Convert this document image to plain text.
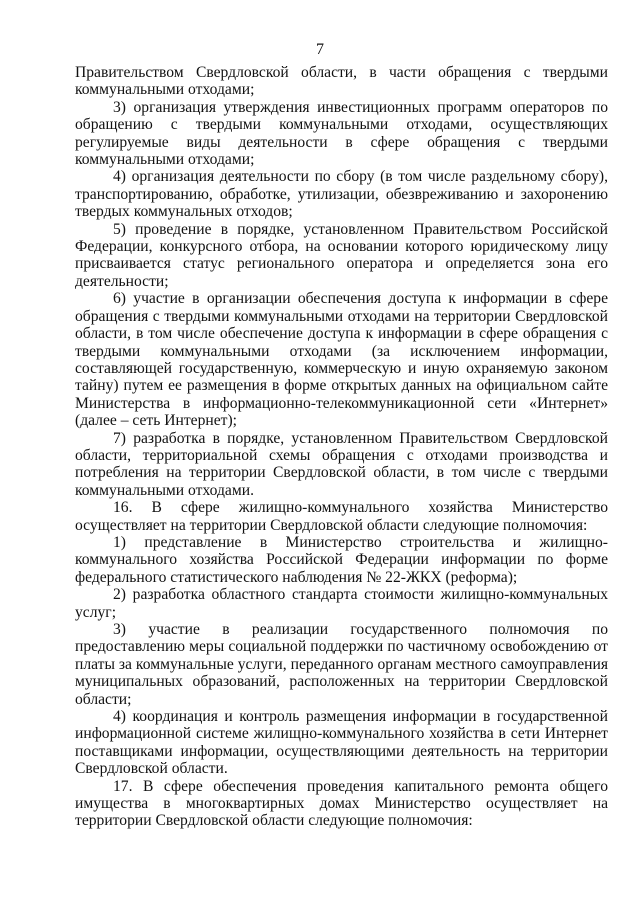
7

Правительством Свердловской области, в части обращения с твердыми коммунальными отходами;

3) организация утверждения инвестиционных программ операторов по обращению с твердыми коммунальными отходами, осуществляющих регулируемые виды деятельности в сфере обращения с твердыми коммунальными отходами;

4) организация деятельности по сбору (в том числе раздельному сбору), транспортированию, обработке, утилизации, обезвреживанию и захоронению твердых коммунальных отходов;

5) проведение в порядке, установленном Правительством Российской Федерации, конкурсного отбора, на основании которого юридическому лицу присваивается статус регионального оператора и определяется зона его деятельности;

6) участие в организации обеспечения доступа к информации в сфере обращения с твердыми коммунальными отходами на территории Свердловской области, в том числе обеспечение доступа к информации в сфере обращения с твердыми коммунальными отходами (за исключением информации, составляющей государственную, коммерческую и иную охраняемую законом тайну) путем ее размещения в форме открытых данных на официальном сайте Министерства в информационно-телекоммуникационной сети «Интернет» (далее – сеть Интернет);

7) разработка в порядке, установленном Правительством Свердловской области, территориальной схемы обращения с отходами производства и потребления на территории Свердловской области, в том числе с твердыми коммунальными отходами.

16. В сфере жилищно-коммунального хозяйства Министерство осуществляет на территории Свердловской области следующие полномочия:

1) представление в Министерство строительства и жилищно-коммунального хозяйства Российской Федерации информации по форме федерального статистического наблюдения № 22-ЖКХ (реформа);

2) разработка областного стандарта стоимости жилищно-коммунальных услуг;

3) участие в реализации государственного полномочия по предоставлению меры социальной поддержки по частичному освобождению от платы за коммунальные услуги, переданного органам местного самоуправления муниципальных образований, расположенных на территории Свердловской области;

4) координация и контроль размещения информации в государственной информационной системе жилищно-коммунального хозяйства в сети Интернет поставщиками информации, осуществляющими деятельность на территории Свердловской области.

17. В сфере обеспечения проведения капитального ремонта общего имущества в многоквартирных домах Министерство осуществляет на территории Свердловской области следующие полномочия:
